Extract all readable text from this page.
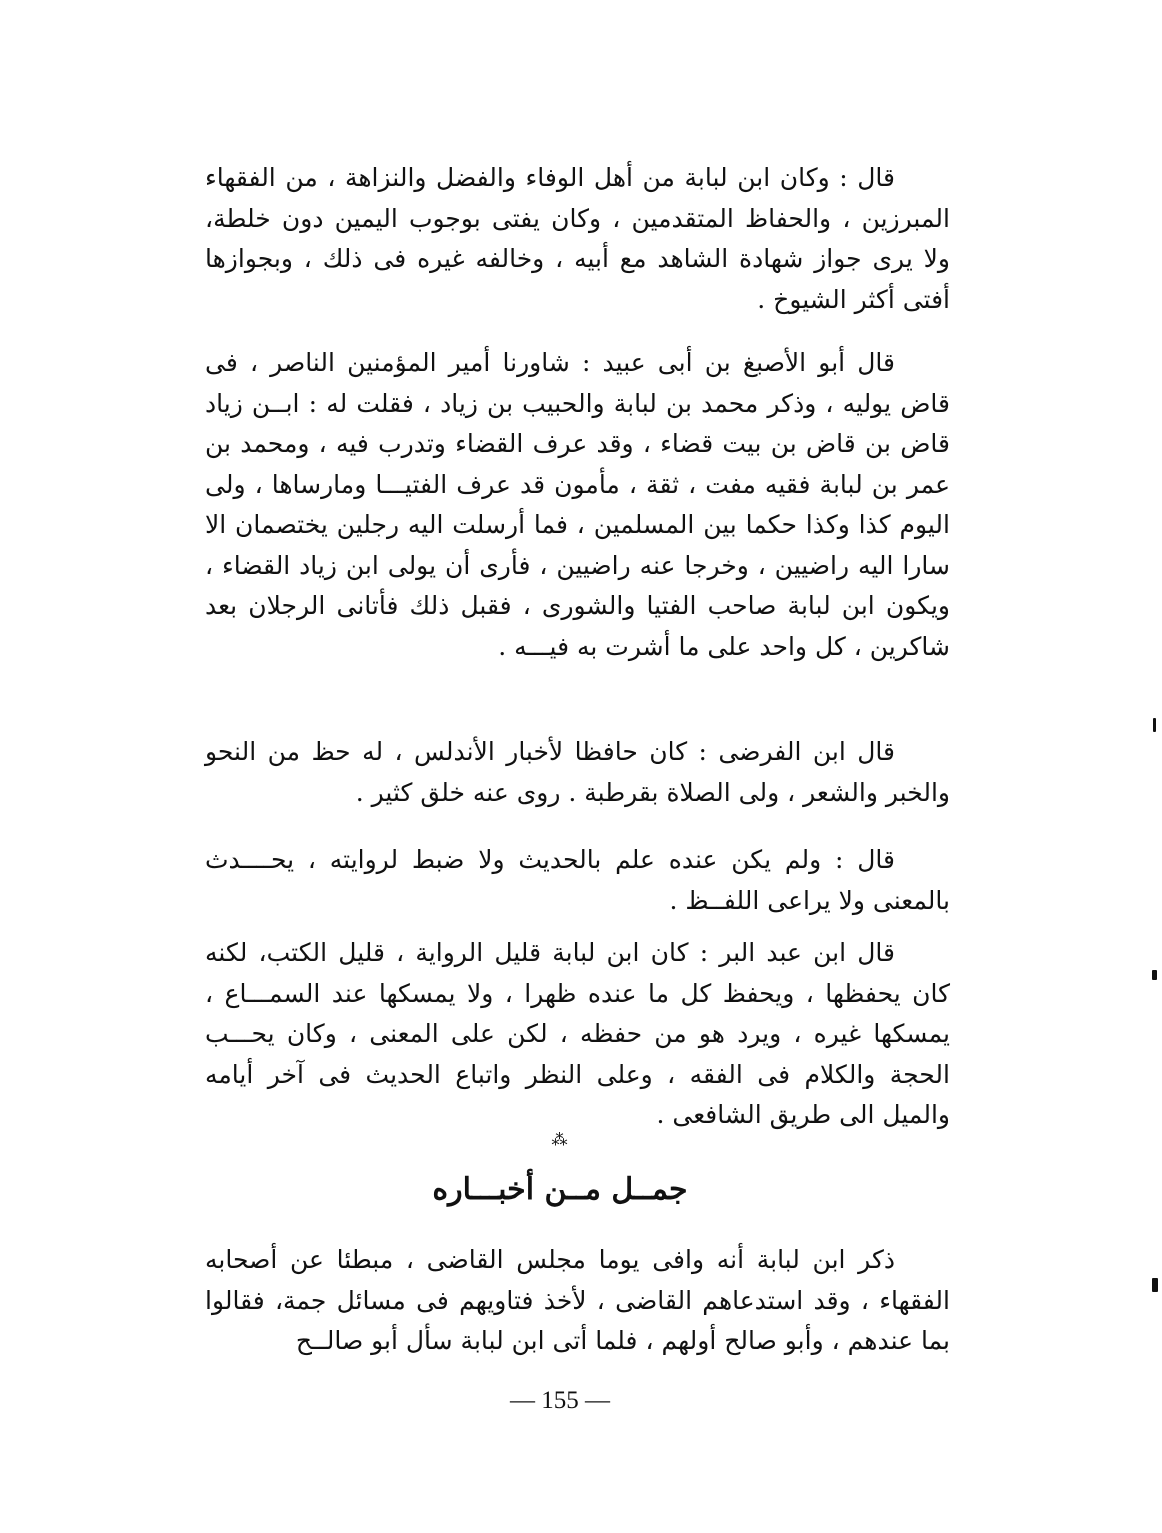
قال : وكان ابن لبابة من أهل الوفاء والفضل والنزاهة ، من الفقهاء المبرزين ، والحفاظ المتقدمين ، وكان يفتى بوجوب اليمين دون خلطة، ولا يرى جواز شهادة الشاهد مع أبيه ، وخالفه غيره فى ذلك ، وبجوازها أفتى أكثر الشيوخ .

قال أبو الأصبغ بن أبى عبيد : شاورنا أمير المؤمنين الناصر ، فى قاض يوليه ، وذكر محمد بن لبابة والحبيب بن زياد ، فقلت له : ابــن زياد قاض بن قاض بن بيت قضاء ، وقد عرف القضاء وتدرب فيه ، ومحمد بن عمر بن لبابة فقيه مفت ، ثقة ، مأمون قد عرف الفتيـــا ومارساها ، ولى اليوم كذا وكذا حكما بين المسلمين ، فما أرسلت اليه رجلين يختصمان الا سارا اليه راضيين ، وخرجا عنه راضيين ، فأرى أن يولى ابن زياد القضاء ، ويكون ابن لبابة صاحب الفتيا والشورى ، فقبل ذلك فأتانى الرجلان بعد شاكرين ، كل واحد على ما أشرت به فيـــه .

قال ابن الفرضى : كان حافظا لأخبار الأندلس ، له حظ من النحو والخبر والشعر ، ولى الصلاة بقرطبة . روى عنه خلق كثير .

قال : ولم يكن عنده علم بالحديث ولا ضبط لروايته ، يحــــدث بالمعنى ولا يراعى اللفــظ .

قال ابن عبد البر : كان ابن لبابة قليل الرواية ، قليل الكتب، لكنه كان يحفظها ، ويحفظ كل ما عنده ظهرا ، ولا يمسكها عند السمـــاع ، يمسكها غيره ، ويرد هو من حفظه ، لكن على المعنى ، وكان يحـــب الحجة والكلام فى الفقه ، وعلى النظر واتباع الحديث فى آخر أيامه والميل الى طريق الشافعى .

⁂
جمــل مــن أخبـــاره

ذكر ابن لبابة أنه وافى يوما مجلس القاضى ، مبطئا عن أصحابه الفقهاء ، وقد استدعاهم القاضى ، لأخذ فتاويهم فى مسائل جمة، فقالوا بما عندهم ، وأبو صالح أولهم ، فلما أتى ابن لبابة سأل أبو صالــح

— 155 —
